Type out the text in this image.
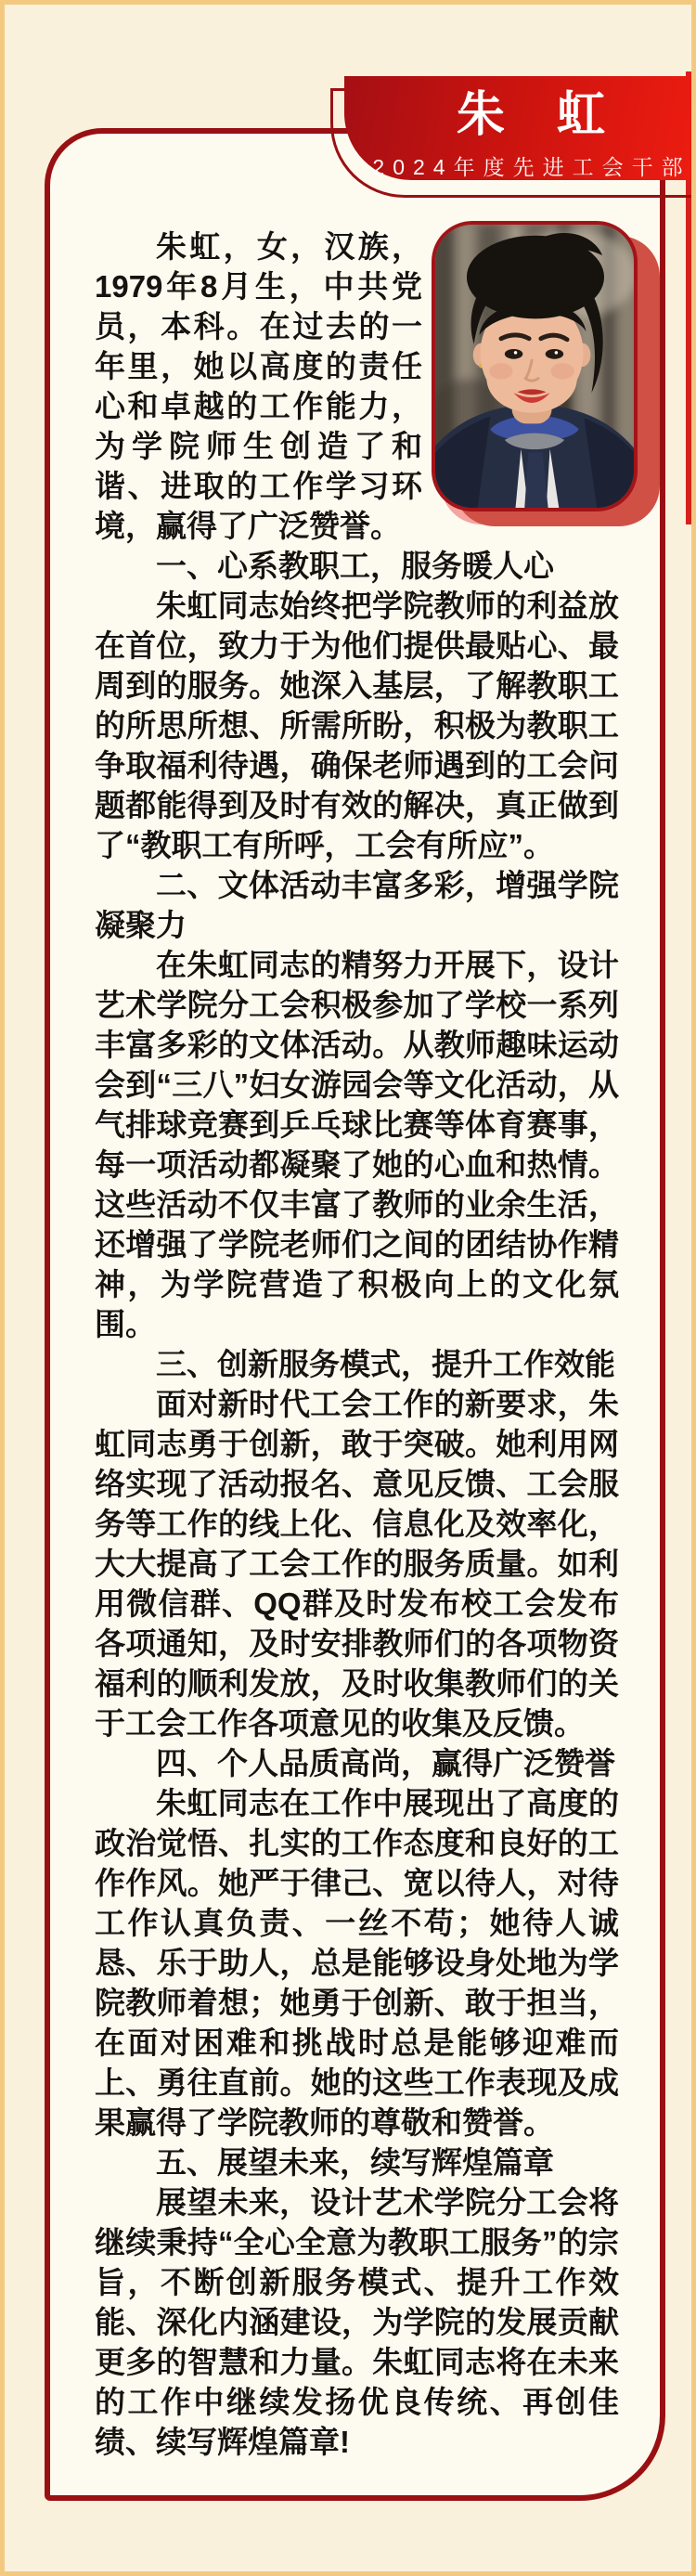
朱虹，女，汉族，1979年8月生，中共党员，本科。在过去的一年里，她以高度的责任心和卓越的工作能力，为学院师生创造了和谐、进取的工作学习环境，赢得了广泛赞誉。

一、心系教职工，服务暖人心

朱虹同志始终把学院教师的利益放在首位，致力于为他们提供最贴心、最周到的服务。她深入基层，了解教职工的所思所想、所需所盼，积极为教职工争取福利待遇，确保老师遇到的工会问题都能得到及时有效的解决，真正做到了“教职工有所呼，工会有所应”。

二、文体活动丰富多彩，增强学院凝聚力

在朱虹同志的精努力开展下，设计艺术学院分工会积极参加了学校一系列丰富多彩的文体活动。从教师趣味运动会到“三八”妇女游园会等文化活动，从气排球竞赛到乒乓球比赛等体育赛事，每一项活动都凝聚了她的心血和热情。这些活动不仅丰富了教师的业余生活，还增强了学院老师们之间的团结协作精神，为学院营造了积极向上的文化氛围。

三、创新服务模式，提升工作效能

面对新时代工会工作的新要求，朱虹同志勇于创新，敢于突破。她利用网络实现了活动报名、意见反馈、工会服务等工作的线上化、信息化及效率化，大大提高了工会工作的服务质量。如利用微信群、QQ群及时发布校工会发布各项通知，及时安排教师们的各项物资福利的顺利发放，及时收集教师们的关于工会工作各项意见的收集及反馈。

四、个人品质高尚，赢得广泛赞誉

朱虹同志在工作中展现出了高度的政治觉悟、扎实的工作态度和良好的工作作风。她严于律己、宽以待人，对待工作认真负责、一丝不苟；她待人诚恳、乐于助人，总是能够设身处地为学院教师着想；她勇于创新、敢于担当，在面对困难和挑战时总是能够迎难而上、勇往直前。她的这些工作表现及成果赢得了学院教师的尊敬和赞誉。

五、展望未来，续写辉煌篇章

展望未来，设计艺术学院分工会将继续秉持“全心全意为教职工服务”的宗旨，不断创新服务模式、提升工作效能、深化内涵建设，为学院的发展贡献更多的智慧和力量。朱虹同志将在未来的工作中继续发扬优良传统、再创佳绩、续写辉煌篇章!

朱　虹
2024年度先进工会干部
